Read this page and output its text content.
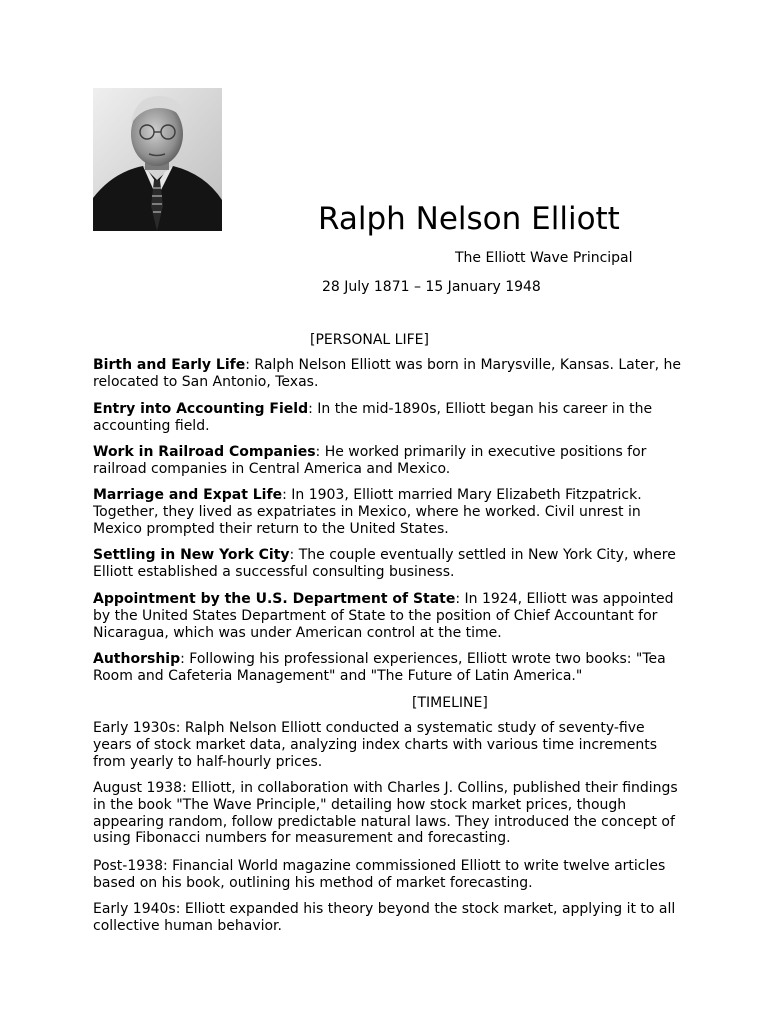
Ralph Nelson Elliott
The Elliott Wave Principal
28 July 1871 – 15 January 1948
[PERSONAL LIFE]
Birth and Early Life: Ralph Nelson Elliott was born in Marysville, Kansas. Later, he relocated to San Antonio, Texas.
Entry into Accounting Field: In the mid-1890s, Elliott began his career in the accounting field.
Work in Railroad Companies: He worked primarily in executive positions for railroad companies in Central America and Mexico.
Marriage and Expat Life: In 1903, Elliott married Mary Elizabeth Fitzpatrick. Together, they lived as expatriates in Mexico, where he worked. Civil unrest in Mexico prompted their return to the United States.
Settling in New York City: The couple eventually settled in New York City, where Elliott established a successful consulting business.
Appointment by the U.S. Department of State: In 1924, Elliott was appointed by the United States Department of State to the position of Chief Accountant for Nicaragua, which was under American control at the time.
Authorship: Following his professional experiences, Elliott wrote two books: "Tea Room and Cafeteria Management" and "The Future of Latin America."
[TIMELINE]
Early 1930s: Ralph Nelson Elliott conducted a systematic study of seventy-five years of stock market data, analyzing index charts with various time increments from yearly to half-hourly prices.
August 1938: Elliott, in collaboration with Charles J. Collins, published their findings in the book "The Wave Principle," detailing how stock market prices, though appearing random, follow predictable natural laws. They introduced the concept of using Fibonacci numbers for measurement and forecasting.
Post-1938: Financial World magazine commissioned Elliott to write twelve articles based on his book, outlining his method of market forecasting.
Early 1940s: Elliott expanded his theory beyond the stock market, applying it to all collective human behavior.
